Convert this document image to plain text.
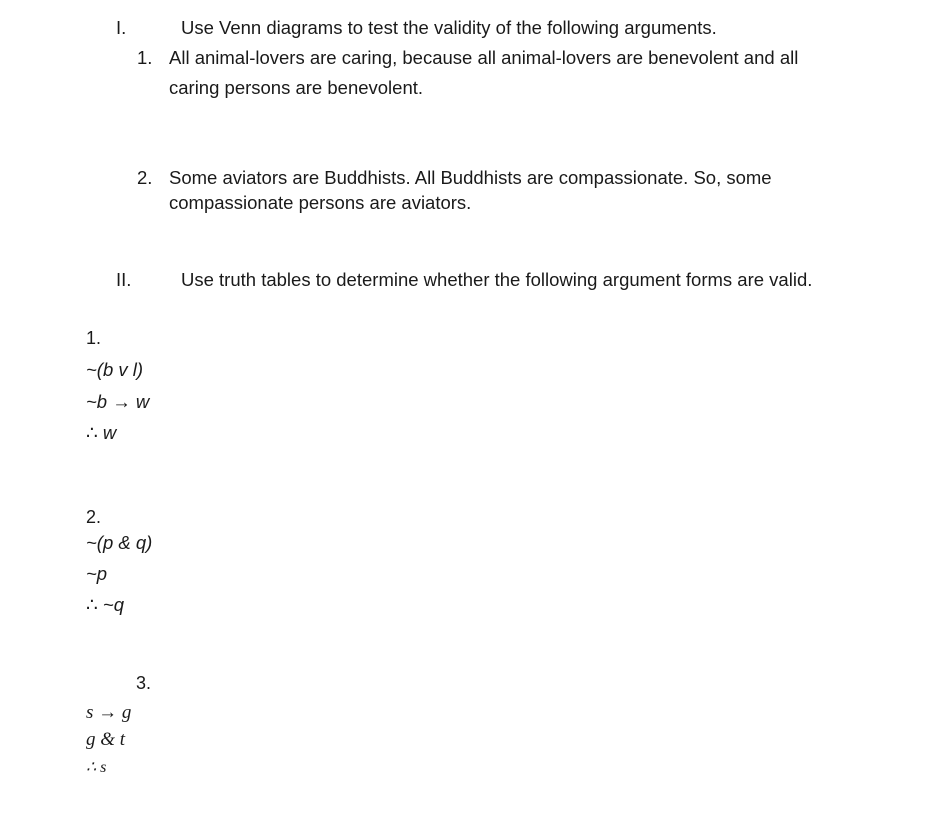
I.	Use Venn diagrams to test the validity of the following arguments.
1. All animal-lovers are caring, because all animal-lovers are benevolent and all
caring persons are benevolent.
2. Some aviators are Buddhists. All Buddhists are compassionate. So, some
compassionate persons are aviators.
II.	Use truth tables to determine whether the following argument forms are valid.
1.
~(b v l)
~b → w
∴ w
2.
~(p & q)
~p
∴ ~q
3.
s → g
g & t
∴ s
